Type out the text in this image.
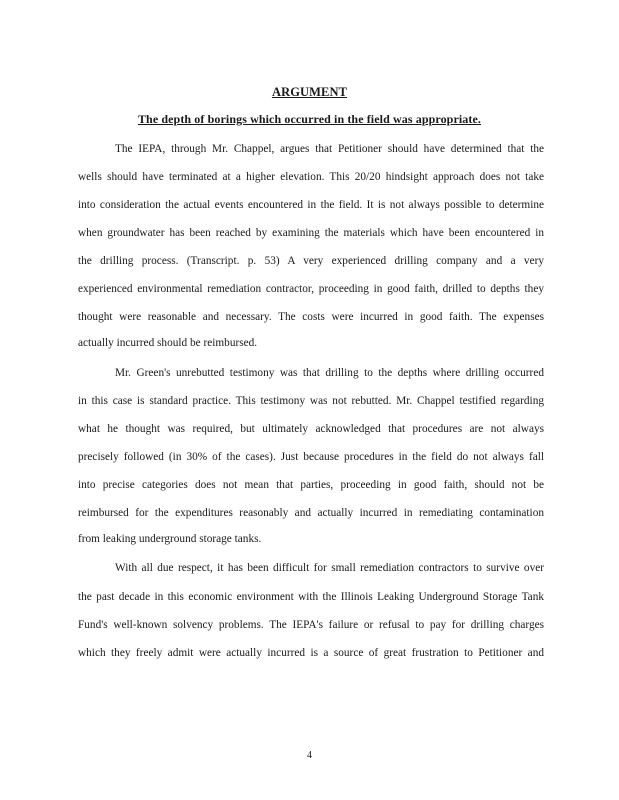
ARGUMENT
The depth of borings which occurred in the field was appropriate.
The IEPA, through Mr. Chappel, argues that Petitioner should have determined that the
wells should have terminated at a higher elevation. This 20/20 hindsight approach does not take
into consideration the actual events encountered in the field. It is not always possible to determine
when groundwater has been reached by examining the materials which have been encountered in
the drilling process. (Transcript. p. 53) A very experienced drilling company and a very
experienced environmental remediation contractor, proceeding in good faith, drilled to depths they
thought were reasonable and necessary. The costs were incurred in good faith. The expenses
actually incurred should be reimbursed.
Mr. Green's unrebutted testimony was that drilling to the depths where drilling occurred
in this case is standard practice. This testimony was not rebutted. Mr. Chappel testified regarding
what he thought was required, but ultimately acknowledged that procedures are not always
precisely followed (in 30% of the cases). Just because procedures in the field do not always fall
into precise categories does not mean that parties, proceeding in good faith, should not be
reimbursed for the expenditures reasonably and actually incurred in remediating contamination
from leaking underground storage tanks.
With all due respect, it has been difficult for small remediation contractors to survive over
the past decade in this economic environment with the Illinois Leaking Underground Storage Tank
Fund's well-known solvency problems. The IEPA's failure or refusal to pay for drilling charges
which they freely admit were actually incurred is a source of great frustration to Petitioner and
4
